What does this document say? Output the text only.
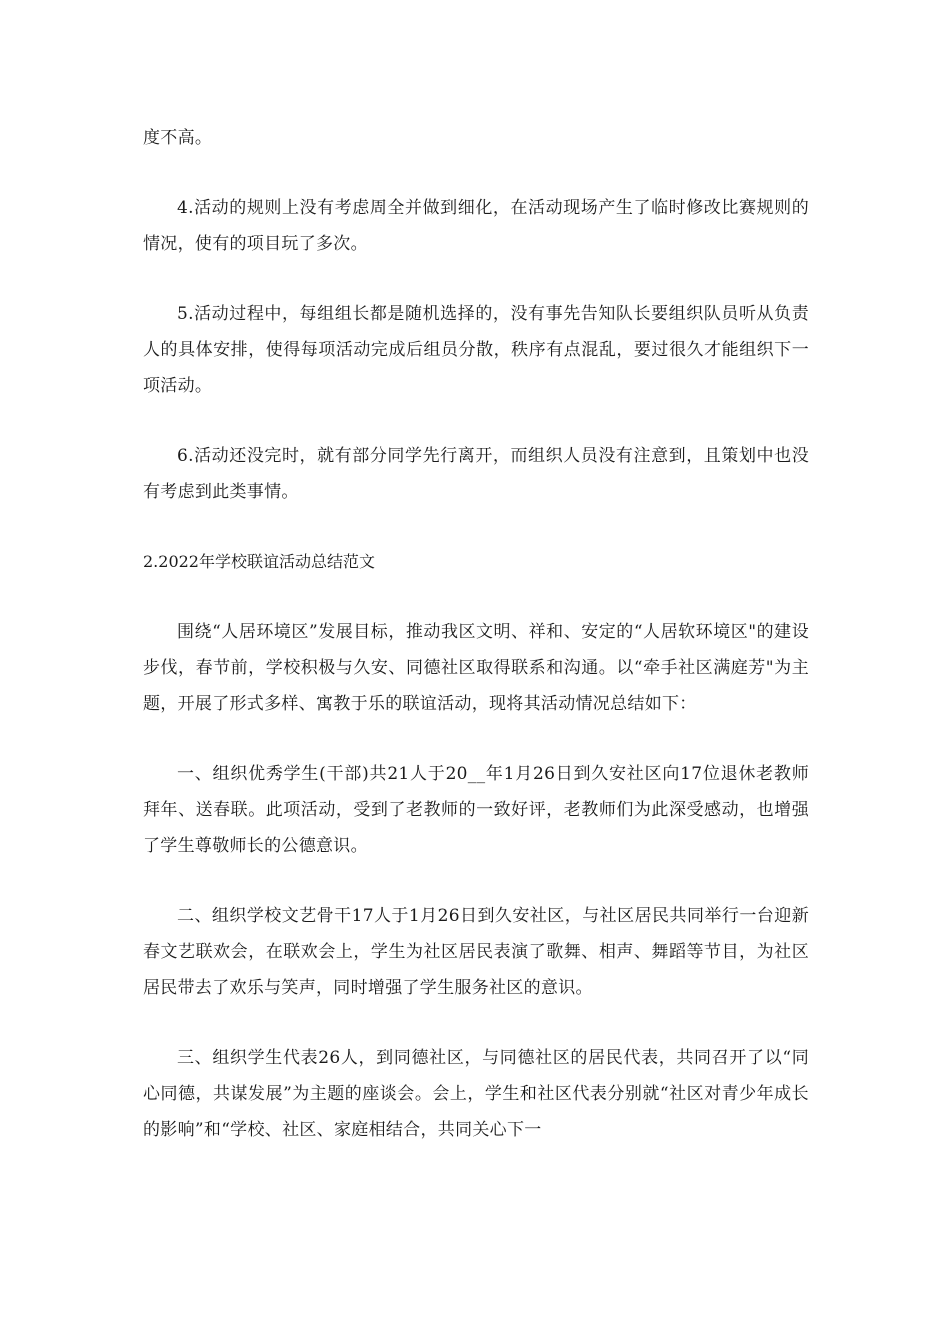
度不高。

4.活动的规则上没有考虑周全并做到细化，在活动现场产生了临时修改比赛规则的情况，使有的项目玩了多次。

5.活动过程中，每组组长都是随机选择的，没有事先告知队长要组织队员听从负责人的具体安排，使得每项活动完成后组员分散，秩序有点混乱，要过很久才能组织下一项活动。

6.活动还没完时，就有部分同学先行离开，而组织人员没有注意到，且策划中也没有考虑到此类事情。

2.2022年学校联谊活动总结范文

围绕“人居环境区”发展目标，推动我区文明、祥和、安定的“人居软环境区"的建设步伐，春节前，学校积极与久安、同德社区取得联系和沟通。以“牵手社区满庭芳"为主题，开展了形式多样、寓教于乐的联谊活动，现将其活动情况总结如下：

一、组织优秀学生(干部)共21人于20__年1月26日到久安社区向17位退休老教师拜年、送春联。此项活动，受到了老教师的一致好评，老教师们为此深受感动，也增强了学生尊敬师长的公德意识。

二、组织学校文艺骨干17人于1月26日到久安社区，与社区居民共同举行一台迎新春文艺联欢会，在联欢会上，学生为社区居民表演了歌舞、相声、舞蹈等节目，为社区居民带去了欢乐与笑声，同时增强了学生服务社区的意识。

三、组织学生代表26人，到同德社区，与同德社区的居民代表，共同召开了以“同心同德，共谋发展”为主题的座谈会。会上，学生和社区代表分别就“社区对青少年成长的影响”和“学校、社区、家庭相结合，共同关心下一
